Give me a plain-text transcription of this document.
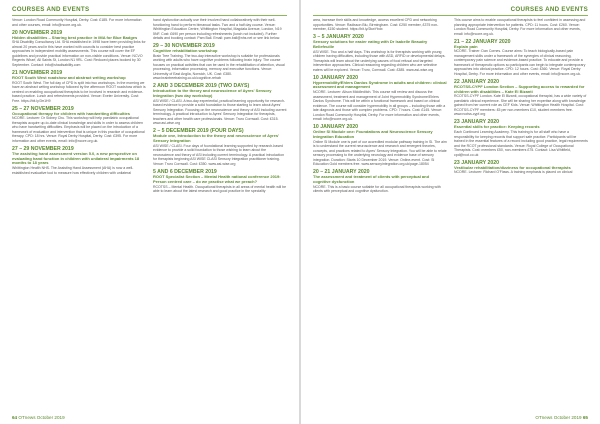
COURSES AND EVENTS
Venue: London Road Community Hospital, Derby. Cost: £185. For more information and other courses, email: info@ncore.org.uk.
20 NOVEMBER 2019
Hidden disabilities – Sharing best practice in IMA for Blue Badges
SHA Disability Consultancy Ltd. SHA established in 1998 have been providing links for almost 20 years and in this have worked with councils to consider best practice approaches in independent mobility assessments. This course will cover the EF guidelines and provide practical information on non-visible conditions. Venue: NCVO Regents Wharf, All Saints St, London N1 9RL. Cost: Reduced places booked by 30 September. Contact: info@shadisability.com
21 NOVEMBER 2019
ROOT South West roadshow and abstract writing workshop
ROOT South West. The full day of CPD is split into two workshops. In the morning we have an abstract writing workshop followed by the afternoon ROOT roadshow which is centred on enabling occupational therapists to be involved in research and evidence-based practice. Lunch and refreshments provided. Venue: Exeter University. Cost: Free. https://bit.ly/3rr1H9
25 – 27 NOVEMBER 2019
Occupational therapy for children with handwriting difficulties
NCORE. Lecturer: Dr Sidney Chu. This workshop will help paediatric occupational therapists acquire up-to-date clinical knowledge and skills in order to assess children who have handwriting difficulties. Emphasis will be placed on the introduction of a framework of evaluation and intervention that is unique in this practice of occupational therapy. CPD: 18 hrs. Venue: Royal Derby Hospital, Derby. Cost: £395. For more information and other events, email: info@ncore.org.uk.
27 – 29 NOVEMBER 2019
The assisting hand assessment version 5.0, a new perspective on evaluating hand function in children with unilateral impairments 18 months to 18 years
Whittington Health NHS. The Assisting Hand Assessment (AHA) is now a well-established evaluative tool to measure how effectively children with unilateral
hand dysfunction actually use their involved hand collaboratively with their well-functioning hand to perform bimanual tasks. Two and a half day course. Venue: Whittington Education Centre, Whittington Hospital, Magdala Avenue, London, N19 5NF. Cost: £690 per person including refreshments (lunch not included). Further details and booking contact: Pam Ball. Email: pam.ball@nhs.net or see link below.
29 – 30 NOVEMBER 2019
Cognitive rehabilitation workshop
Brain Tree Training. The two-day interactive workshop is suitable for professionals working with adults who have cognitive problems following brain injury. The course focuses on practical activities that can be used in the rehabilitation of attention, visual processing, information processing, memory and executive functions. Venue: University of East Anglia, Norwich, UK. Cost: £380. www.braintreetraining.co.uk/cognitive-rehab
2 AND 3 DECEMBER 2019 (TWO DAYS)
Introduction to the theory and neuroscience of Ayres' Sensory Integration (two day workshop)
ASI WISE / CLASI. A two-day experiential, practical learning opportunity for research-based evidence to provide a solid foundation to those starting to learn about Ayres' Sensory Integration. Focusing on the neuroscience and theory of ASI including current terminology. A practical introduction to Ayres' Sensory Integration for therapists, teachers and other health care professionals. Venue: Truro Cornwall. Cost: £315. www.asi-wise.org
2 – 5 DECEMBER 2019 (FOUR DAYS)
Module one, Introduction to the theory and neuroscience of Ayres' Sensory Integration
ASI WISE / CLASI. Four days of foundational learning supported by research-based evidence to provide a solid foundation to those wishing to learn about the neuroscience and theory of ASI including current terminology. A practical introduction for therapists beginning ASI WISE CLASI Sensory Integration practitioner training. Venue: Truro Cornwall. Cost: £350. www.asi-wise.org
5 AND 6 DECEMBER 2019
ROOT Specialist Section – Mental Health national conference 2019: Person centred care – do we practise what we preach?
RCOTSS – Mental Health. Occupational therapists in all areas of mental health will be able to learn about the latest research and good practice in the speciality
64 OTnews October 2019
COURSES AND EVENTS
area, increase their skills and knowledge, access excellent CPD and networking opportunities. Venue: Radisson Blu, Birmingham. Cost: £250 member, £375 non-member, £150 student. https://bit.ly/2kwYbdx
3 – 5 JANUARY 2020
Sensory solutions for easier eating with Dr Isabelle Beaudry Bellefeuille
ASI WISE. Two and a half days. This workshop is for therapists working with young children having difficulties, including those with ASD, ARFID or developmental delays. Therapists will learn about the underlying causes of food refusal and targeted intervention approaches. Clinical reasoning regarding children who are selective eaters will be explored. Venue: Truro, Cornwall. Cost: £385. www.asi-wise.org
10 JANUARY 2020
Hypermobility/Ehlers Danlos Syndrome in adults and children: clinical assessment and management
NCORE. Lecturer: Alison Middleditch. This course will review and discuss the assessment, treatment and management of Joint Hypermobility Syndrome/Ehlers Danlos Syndrome. This will be within a functional framework and based on clinical evidence. The course will consider hypermobility in all groups – including those with a late diagnosis and those with complex problems. CPD: 7 hours. Cost: £145. Venue: London Road Community Hospital, Derby. For more information and other events, email: info@ncore.org.uk.
10 JANUARY 2020
Online SI Module one: Foundations and Neuroscience Sensory Integration Education
Online SI Module one is part of our accredited modular pathway training in SI. The aim is to understand the current neuroscience and research and emergent theories, concepts, and practices related to Ayres' Sensory Integration. You will be able to relate sensory processing to the underlying neurology and evidence base of sensory integration. Duration: Starts 10 December 2019. Venue: Online-event. Cost: SI Education Gold members free. www.sensoryintegration.org.uk/page-18054
20 – 21 JANUARY 2020
The assessment and treatment of clients with perceptual and cognitive dysfunction
NCORE. This is a basic course suitable for all occupational therapists working with clients with perceptual and cognitive dysfunction.
This course aims to enable occupational therapists to feel confident in assessing and planning appropriate intervention for patients. CPD: 11 hours. Cost: £260. Venue: London Road Community Hospital, Derby. For more information and other events, email: info@ncore.org.uk.
21 – 22 JANUARY 2020
Explain pain
NCORE. Trainer: Dan Cornes. Course aims: To teach biologically-based pain management skills under a framework of the synergies of clinical reasoning, contemporary pain science and evidence-based practice. To educate and provide a framework of therapeutic options so participants can begin to integrate contemporary approaches into clinical practice. CPD: 12 hours. Cost: £360. Venue: Royal Derby Hospital, Derby. For more information and other events, email: info@ncore.org.uk.
22 JANUARY 2020
RCOTSS-CYPF London Section – Supporting access to rewarded for children with disabilities – Kate El Bizanti
RCOTSS-CYPF London. Kate El Bizanti, occupational therapist, has a wide variety of paediatric clinical experience. She will be sharing her expertise along with knowledge gained from her current role as CEF Kids. Venue: Whittington Health Hospital. Cost: RCOTSS-CYPF members: £5 per non-members £10, student members free. www.rcotss-cypf.org
23 JANUARY 2020
Essential skills for practice: Keeping records
Each Continued Learning Academy. This training is for all staff who have a responsibility for keeping records that support safe practice. Participants will be trained in the essential features of a record including good practice, legal requirements and the RCOT professional standards. Venue: Royal College of Occupational Therapists. Cost: members £50, non-members £75. Contact: Lisa Whitfield, cpd@rcot.co.uk
23 JANUARY 2020
Vestibular rehabilitation/dizziness for occupational therapists
NCORE. Lecturer: Richard O'Flaws. A training emphasis is placed on clinical
OTnews October 2019 65
